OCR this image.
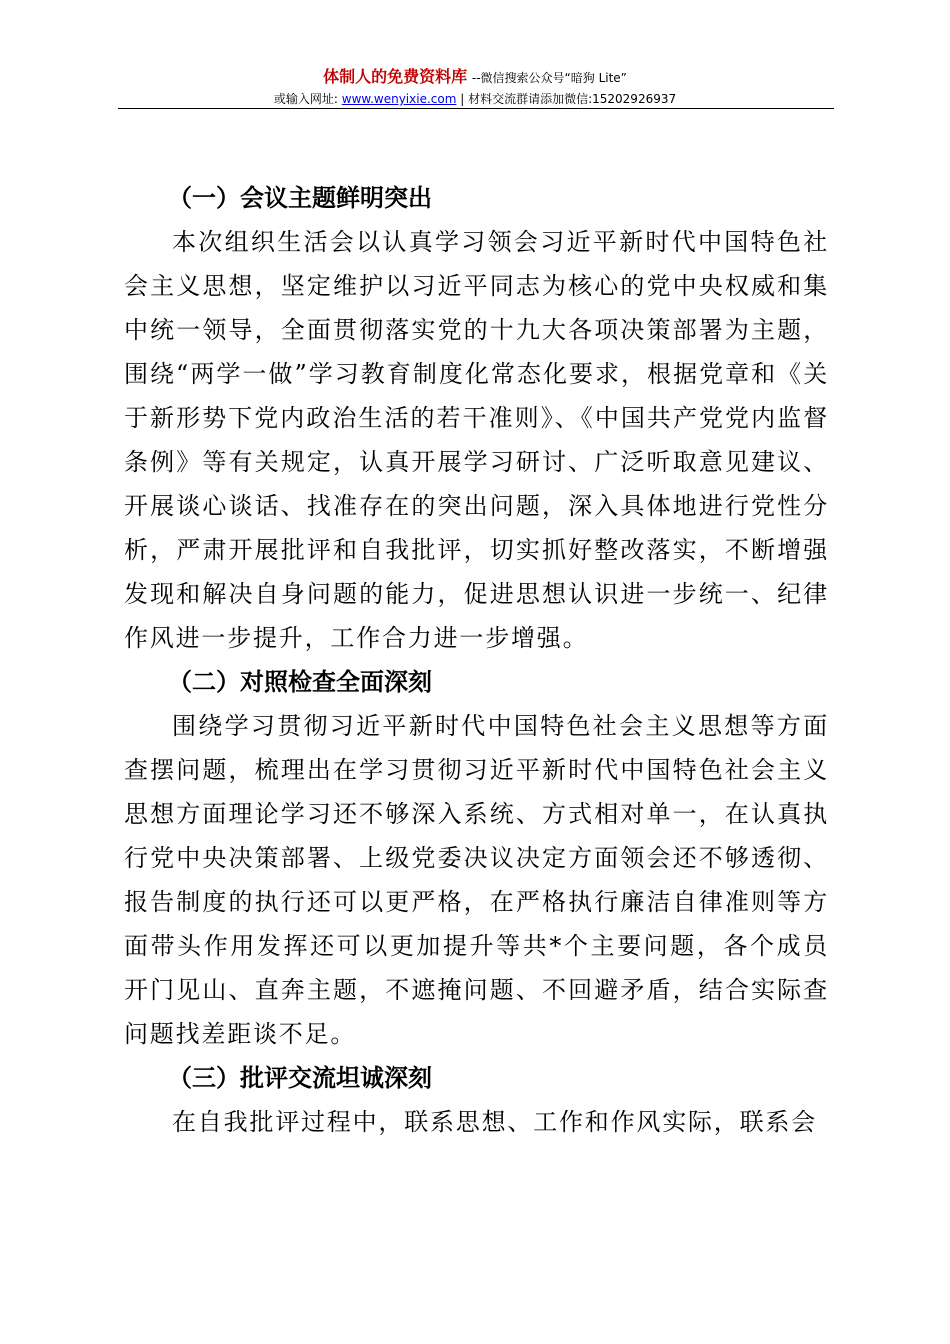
体制人的免费资料库 --微信搜索公众号“暗狗 Lite”
或输入网址: www.wenyixie.com | 材料交流群请添加微信:15202926937

（一）会议主题鲜明突出

本次组织生活会以认真学习领会习近平新时代中国特色社会主义思想，坚定维护以习近平同志为核心的党中央权威和集中统一领导，全面贯彻落实党的十九大各项决策部署为主题，围绕“两学一做”学习教育制度化常态化要求，根据党章和《关于新形势下党内政治生活的若干准则》、《中国共产党党内监督条例》等有关规定，认真开展学习研讨、广泛听取意见建议、开展谈心谈话、找准存在的突出问题，深入具体地进行党性分析，严肃开展批评和自我批评，切实抓好整改落实，不断增强发现和解决自身问题的能力，促进思想认识进一步统一、纪律作风进一步提升，工作合力进一步增强。

（二）对照检查全面深刻

围绕学习贯彻习近平新时代中国特色社会主义思想等方面查摆问题，梳理出在学习贯彻习近平新时代中国特色社会主义思想方面理论学习还不够深入系统、方式相对单一，在认真执行党中央决策部署、上级党委决议决定方面领会还不够透彻、报告制度的执行还可以更严格，在严格执行廉洁自律准则等方面带头作用发挥还可以更加提升等共*个主要问题，各个成员开门见山、直奔主题，不遮掩问题、不回避矛盾，结合实际查问题找差距谈不足。

（三）批评交流坦诚深刻

在自我批评过程中，联系思想、工作和作风实际，联系会
